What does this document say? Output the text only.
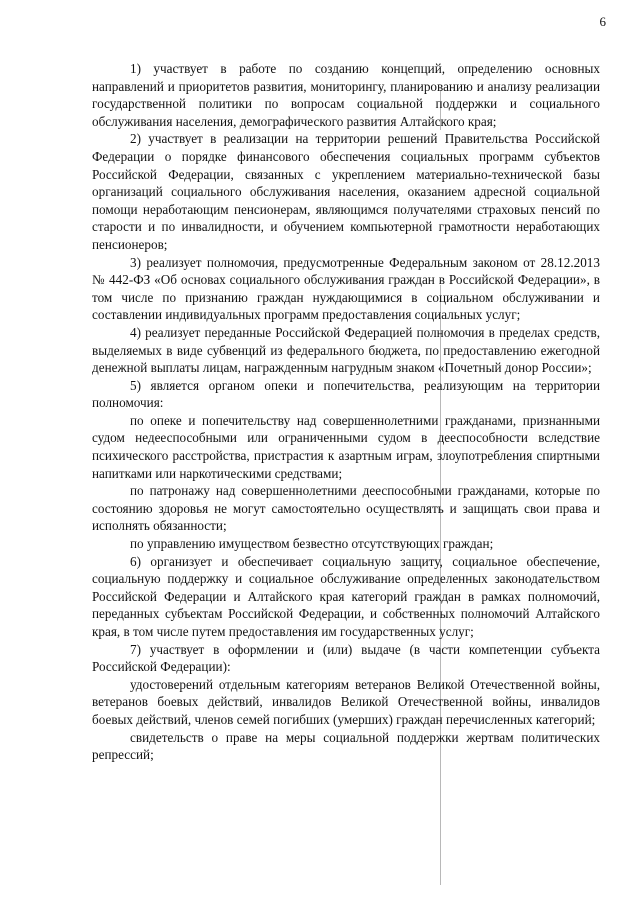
6

1) участвует в работе по созданию концепций, определению основных направлений и приоритетов развития, мониторингу, планированию и анализу реализации государственной политики по вопросам социальной поддержки и социального обслуживания населения, демографического развития Алтайского края;

2) участвует в реализации на территории решений Правительства Российской Федерации о порядке финансового обеспечения социальных программ субъектов Российской Федерации, связанных с укреплением материально-технической базы организаций социального обслуживания населения, оказанием адресной социальной помощи неработающим пенсионерам, являющимся получателями страховых пенсий по старости и по инвалидности, и обучением компьютерной грамотности неработающих пенсионеров;

3) реализует полномочия, предусмотренные Федеральным законом от 28.12.2013 № 442-ФЗ «Об основах социального обслуживания граждан в Российской Федерации», в том числе по признанию граждан нуждающимися в социальном обслуживании и составлении индивидуальных программ предоставления социальных услуг;

4) реализует переданные Российской Федерацией полномочия в пределах средств, выделяемых в виде субвенций из федерального бюджета, по предоставлению ежегодной денежной выплаты лицам, награжденным нагрудным знаком «Почетный донор России»;

5) является органом опеки и попечительства, реализующим на территории полномочия:

по опеке и попечительству над совершеннолетними гражданами, признанными судом недееспособными или ограниченными судом в дееспособности вследствие психического расстройства, пристрастия к азартным играм, злоупотребления спиртными напитками или наркотическими средствами;

по патронажу над совершеннолетними дееспособными гражданами, которые по состоянию здоровья не могут самостоятельно осуществлять и защищать свои права и исполнять обязанности;

по управлению имуществом безвестно отсутствующих граждан;

6) организует и обеспечивает социальную защиту, социальное обеспечение, социальную поддержку и социальное обслуживание определенных законодательством Российской Федерации и Алтайского края категорий граждан в рамках полномочий, переданных субъектам Российской Федерации, и собственных полномочий Алтайского края, в том числе путем предоставления им государственных услуг;

7) участвует в оформлении и (или) выдаче (в части компетенции субъекта Российской Федерации):

удостоверений отдельным категориям ветеранов Великой Отечественной войны, ветеранов боевых действий, инвалидов Великой Отечественной войны, инвалидов боевых действий, членов семей погибших (умерших) граждан перечисленных категорий;

свидетельств о праве на меры социальной поддержки жертвам политических репрессий;
